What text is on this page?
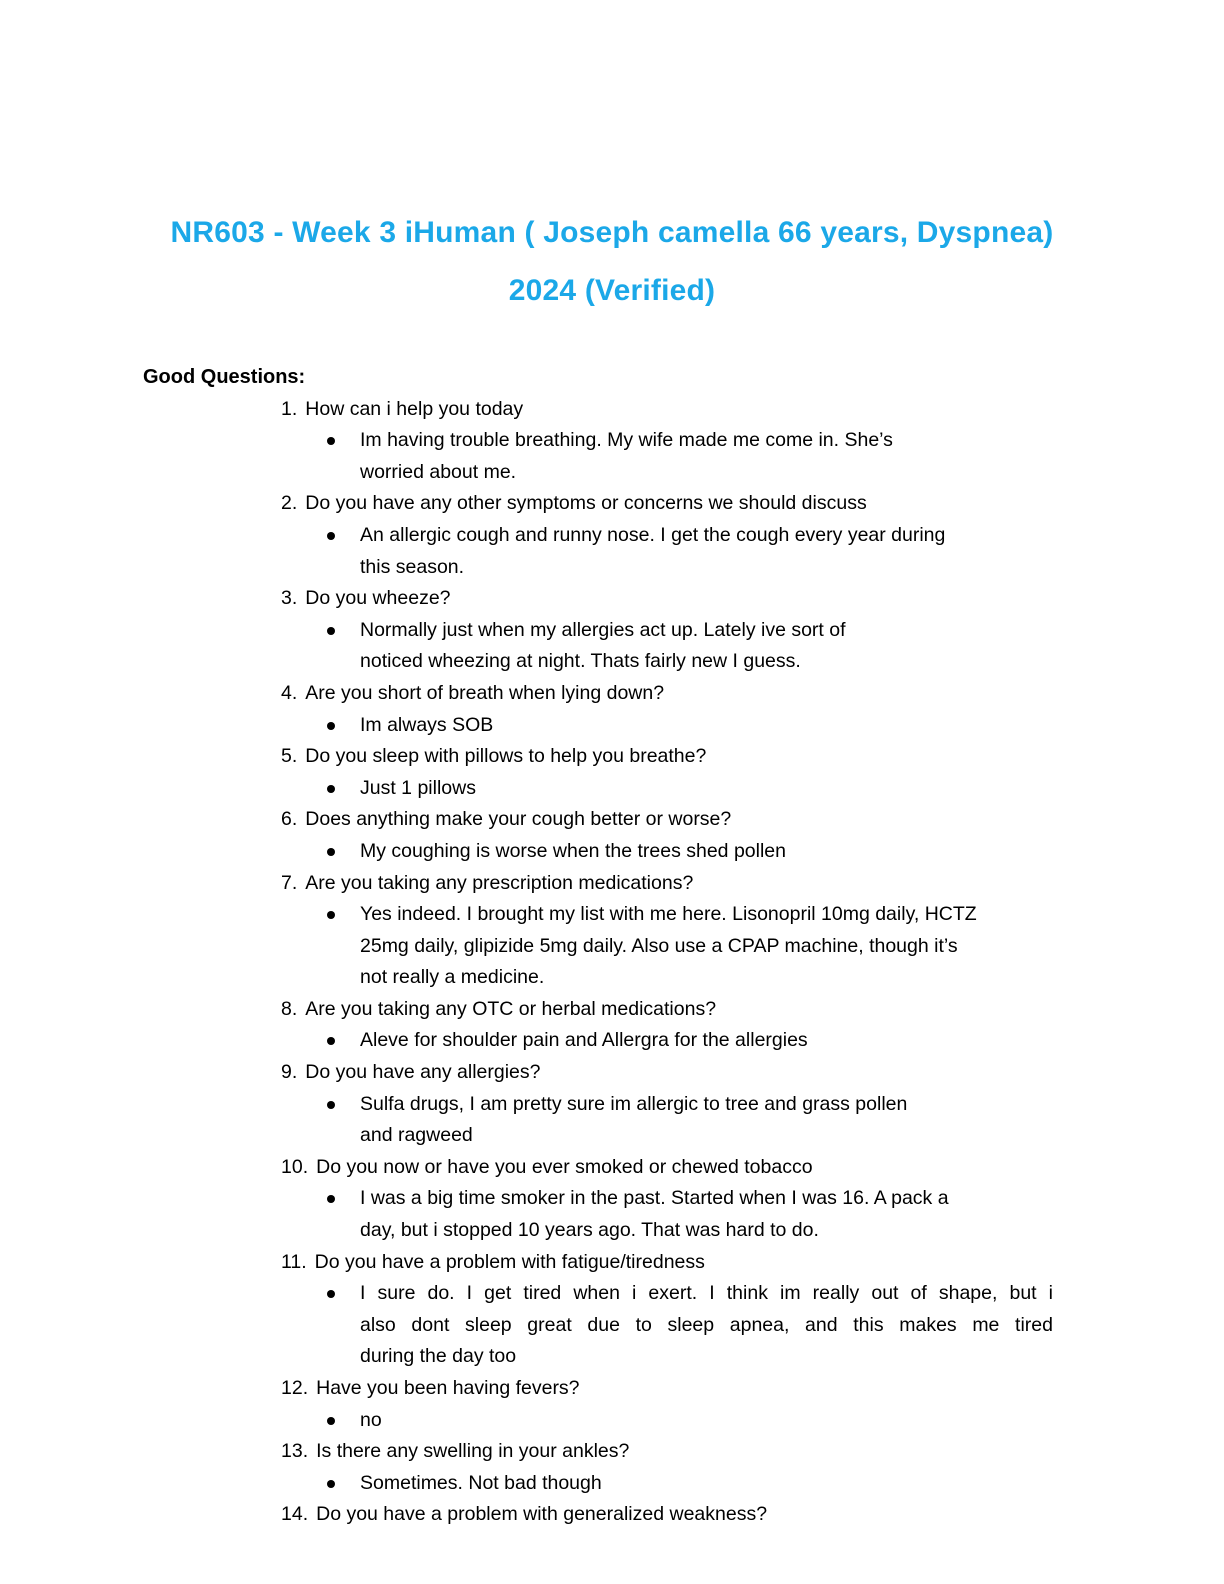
NR603 - Week 3 iHuman ( Joseph camella 66 years, Dyspnea)
2024 (Verified)
Good Questions:
1. How can i help you today
Im having trouble breathing. My wife made me come in. She’s
worried about me.
2. Do you have any other symptoms or concerns we should discuss
An allergic cough and runny nose. I get the cough every year during
this season.
3. Do you wheeze?
Normally just when my allergies act up. Lately ive sort of
noticed wheezing at night. Thats fairly new I guess.
4. Are you short of breath when lying down?
Im always SOB
5. Do you sleep with pillows to help you breathe?
Just 1 pillows
6. Does anything make your cough better or worse?
My coughing is worse when the trees shed pollen
7. Are you taking any prescription medications?
Yes indeed. I brought my list with me here. Lisonopril 10mg daily, HCTZ
25mg daily, glipizide 5mg daily. Also use a CPAP machine, though it’s
not really a medicine.
8. Are you taking any OTC or herbal medications?
Aleve for shoulder pain and Allergra for the allergies
9. Do you have any allergies?
Sulfa drugs, I am pretty sure im allergic to tree and grass pollen
and ragweed
10. Do you now or have you ever smoked or chewed tobacco
I was a big time smoker in the past. Started when I was 16. A pack a
day, but i stopped 10 years ago. That was hard to do.
11. Do you have a problem with fatigue/tiredness
I sure do. I get tired when i exert. I think im really out of shape, but i
also dont sleep great due to sleep apnea, and this makes me tired
during the day too
12. Have you been having fevers?
no
13. Is there any swelling in your ankles?
Sometimes. Not bad though
14. Do you have a problem with generalized weakness?
